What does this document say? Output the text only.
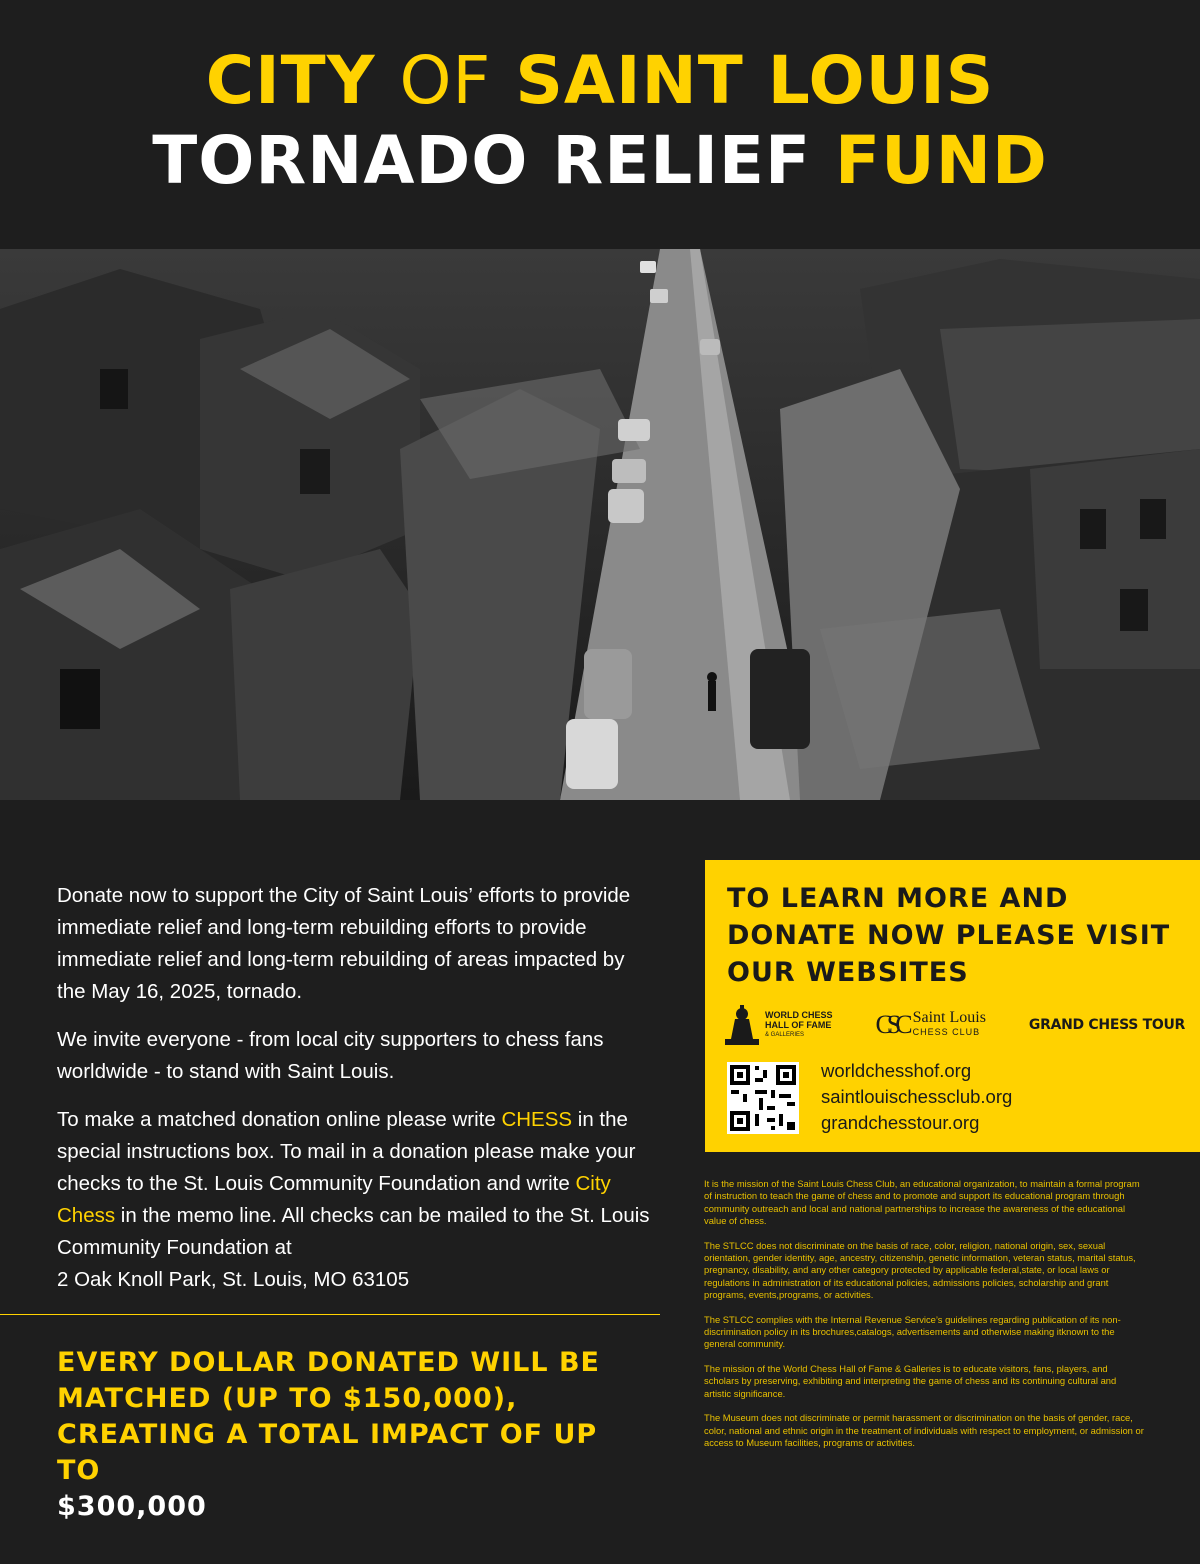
CITY OF SAINT LOUIS
TORNADO RELIEF FUND

Donate now to support the City of Saint Louis’ efforts to provide immediate relief and long-term rebuilding efforts to provide immediate relief and long-term rebuilding of areas impacted by the May 16, 2025, tornado.

We invite everyone - from local city supporters to chess fans worldwide - to stand with Saint Louis.

To make a matched donation online please write CHESS in the special instructions box. To mail in a donation please make your checks to the St. Louis Community Foundation and write City Chess in the memo line. All checks can be mailed to the St. Louis Community Foundation at
2 Oak Knoll Park, St. Louis, MO 63105

EVERY DOLLAR DONATED WILL BE MATCHED (UP TO $150,000), CREATING A TOTAL IMPACT OF UP TO
$300,000
TO LEARN MORE AND DONATE NOW PLEASE VISIT OUR WEBSITES
WORLD CHESS
HALL OF FAME
& GALLERIES	CSC Saint Louis
CHESS CLUB	GRAND CHESS TOUR
worldchesshof.org
saintlouischessclub.org
grandchesstour.org

It is the mission of the Saint Louis Chess Club, an educational organization, to maintain a formal program of instruction to teach the game of chess and to promote and support its educational program through community outreach and local and national partnerships to increase the awareness of the educational value of chess.

The STLCC does not discriminate on the basis of race, color, religion, national origin, sex, sexual orientation, gender identity, age, ancestry, citizenship, genetic information, veteran status, marital status, pregnancy, disability, and any other category protected by applicable federal,state, or local laws or regulations in administration of its educational policies, admissions policies, scholarship and grant programs, events,programs, or activities.

The STLCC complies with the Internal Revenue Service’s guidelines regarding publication of its non-discrimination policy in its brochures,catalogs, advertisements and otherwise making itknown to the general community.

The mission of the World Chess Hall of Fame & Galleries is to educate visitors, fans, players, and scholars by preserving, exhibiting and interpreting the game of chess and its continuing cultural and artistic significance.

The Museum does not discriminate or permit harassment or discrimination on the basis of gender, race, color, national and ethnic origin in the treatment of individuals with respect to employment, or admission or access to Museum facilities, programs or activities.
